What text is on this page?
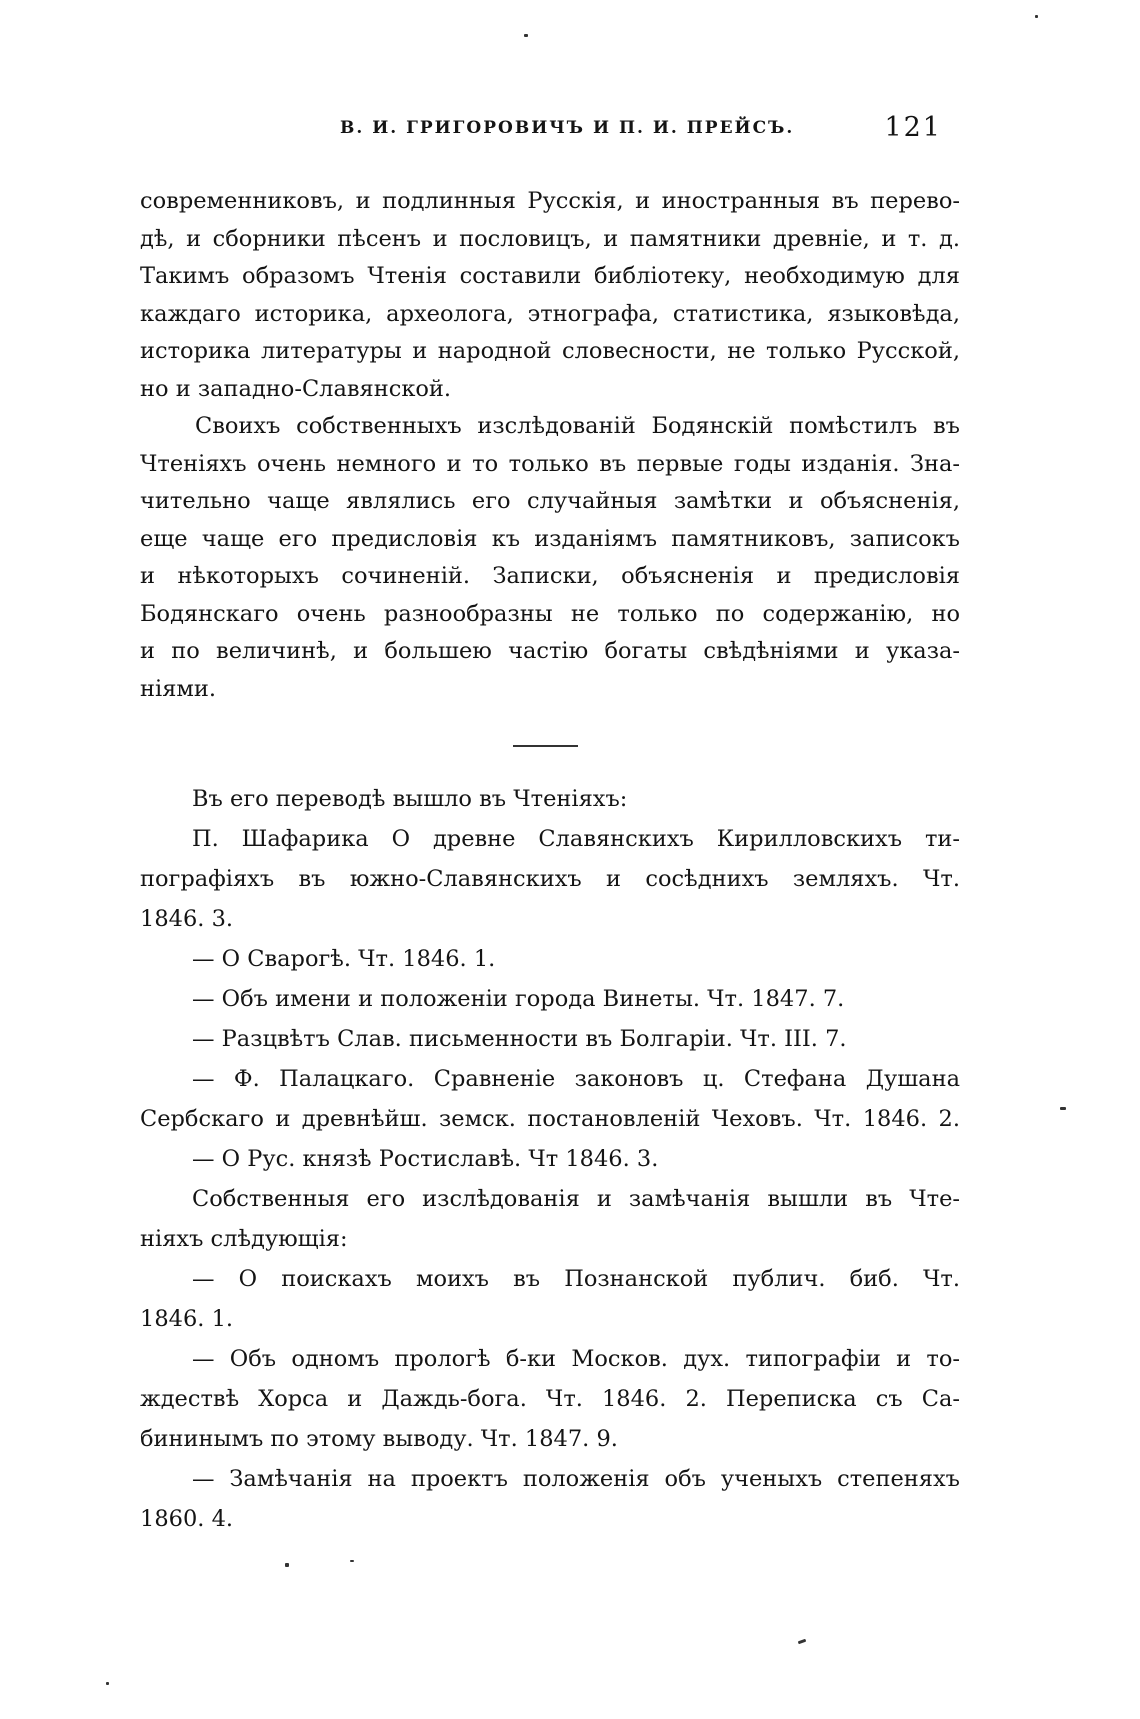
В. И. ГРИГОРОВИЧЪ И П. И. ПРЕЙСЪ.	121
современниковъ, и подлинныя Русскія, и иностранныя въ перево-
дѣ, и сборники пѣсенъ и пословицъ, и памятники древніе, и т. д.
Такимъ образомъ Чтенія составили библіотеку, необходимую для
каждаго историка, археолога, этнографа, статистика, языковѣда,
историка литературы и народной словесности, не только Русской,
но и западно-Славянской.
Своихъ собственныхъ изслѣдованій Бодянскій помѣстилъ въ
Чтеніяхъ очень немного и то только въ первые годы изданія. Зна-
чительно чаще являлись его случайныя замѣтки и объясненія,
еще чаще его предисловія къ изданіямъ памятниковъ, записокъ
и нѣкоторыхъ сочиненій. Записки, объясненія и предисловія
Бодянскаго очень разнообразны не только по содержанію, но
и по величинѣ, и большею частію богаты свѣдѣніями и указа-
ніями.
Въ его переводѣ вышло въ Чтеніяхъ:
П. Шафарика О древне Славянскихъ Кирилловскихъ ти-
пографіяхъ въ южно-Славянскихъ и сосѣднихъ земляхъ. Чт.
1846. 3.
— О Сварогѣ. Чт. 1846. 1.
— Объ имени и положеніи города Винеты. Чт. 1847. 7.
— Разцвѣтъ Слав. письменности въ Болгаріи. Чт. III. 7.
— Ф. Палацкаго. Сравненіе законовъ ц. Стефана Душана
Сербскаго и древнѣйш. земск. постановленій Чеховъ. Чт. 1846. 2.
— О Рус. князѣ Ростиславѣ. Чт 1846. 3.
Собственныя его изслѣдованія и замѣчанія вышли въ Чте-
ніяхъ слѣдующія:
— О поискахъ моихъ въ Познанской публич. биб. Чт.
1846. 1.
— Объ одномъ прологѣ б-ки Москов. дух. типографіи и то-
ждествѣ Хорса и Даждь-бога. Чт. 1846. 2. Переписка съ Са-
бининымъ по этому выводу. Чт. 1847. 9.
— Замѣчанія на проектъ положенія объ ученыхъ степеняхъ
1860. 4.
